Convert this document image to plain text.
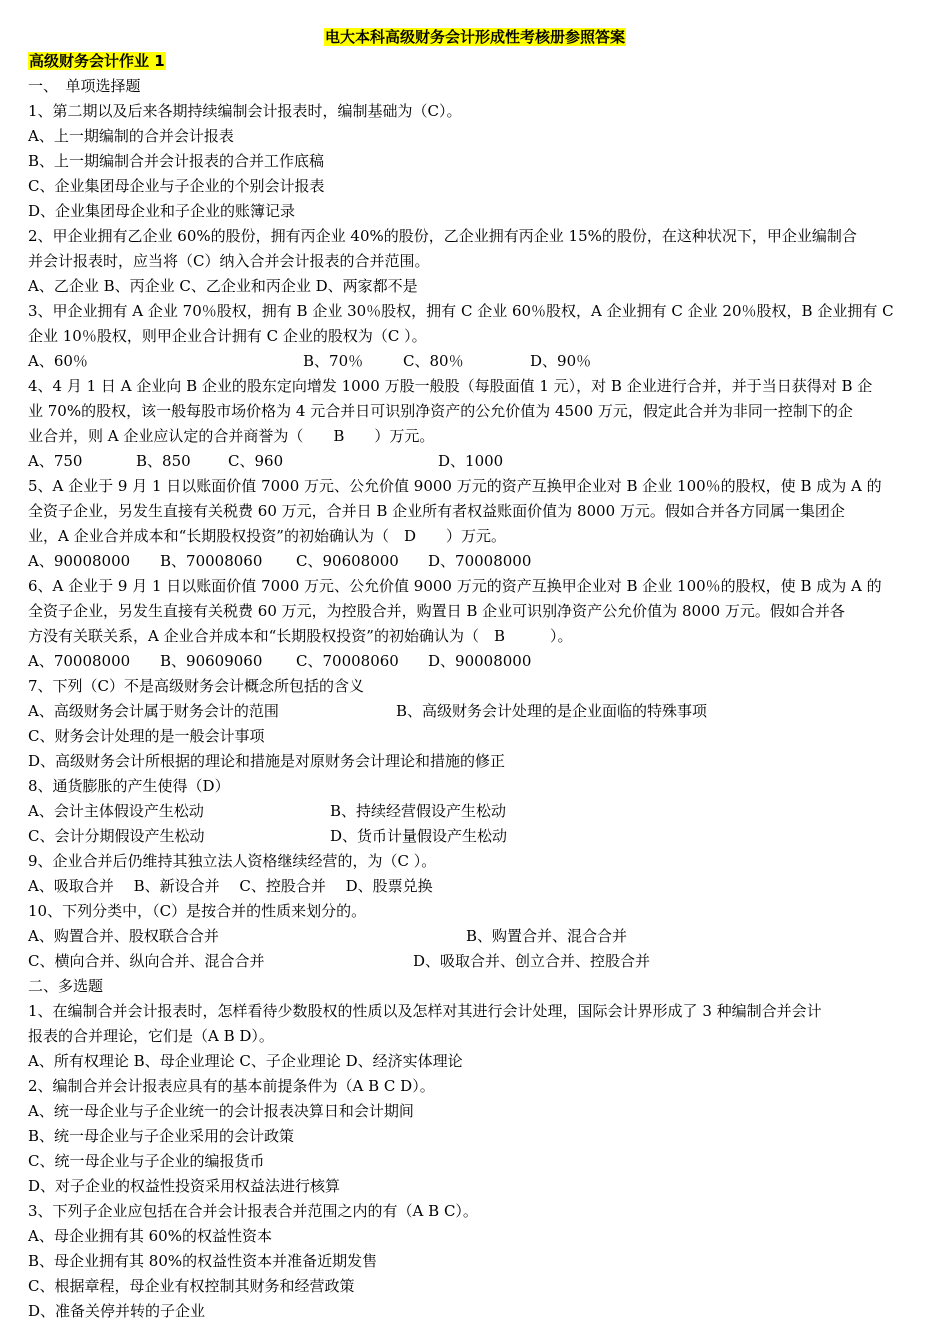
电大本科高级财务会计形成性考核册参照答案
高级财务会计作业 1
一、　单项选择题
1、第二期以及后来各期持续编制会计报表时，编制基础为（C）。
A、上一期编制的合并会计报表
B、上一期编制合并会计报表的合并工作底稿
C、企业集团母企业与子企业的个别会计报表
D、企业集团母企业和子企业的账簿记录
2、甲企业拥有乙企业 60%的股份，拥有丙企业 40%的股份，乙企业拥有丙企业 15%的股份，在这种状况下，甲企业编制合
并会计报表时，应当将（C）纳入合并会计报表的合并范围。
A、乙企业 B、丙企业 C、乙企业和丙企业 D、两家都不是
3、甲企业拥有 A 企业 70％股权，拥有 B 企业 30％股权，拥有 C 企业 60％股权，A 企业拥有 C 企业 20％股权，B 企业拥有 C
企业 10％股权，则甲企业合计拥有 C 企业的股权为（C ）。
A、60％	B、70％	C、80％	D、90％
4、4 月 1 日 A 企业向 B 企业的股东定向增发 1000 万股一般股（每股面值 1 元），对 B 企业进行合并，并于当日获得对 B 企
业 70%的股权，该一般每股市场价格为 4 元合并日可识别净资产的公允价值为 4500 万元，假定此合并为非同一控制下的企
业合并，则 A 企业应认定的合并商誉为（　　B　　）万元。
A、750	B、850 C、960	D、1000
5、A 企业于 9 月 1 日以账面价值 7000 万元、公允价值 9000 万元的资产互换甲企业对 B 企业 100％的股权，使 B 成为 A 的
全资子企业，另发生直接有关税费 60 万元，合并日 B 企业所有者权益账面价值为 8000 万元。假如合并各方同属一集团企
业，A 企业合并成本和“长期股权投资”的初始确认为（　D　　）万元。
A、90008000 B、70008060 C、90608000 D、70008000
6、A 企业于 9 月 1 日以账面价值 7000 万元、公允价值 9000 万元的资产互换甲企业对 B 企业 100％的股权，使 B 成为 A 的
全资子企业，另发生直接有关税费 60 万元，为控股合并，购置日 B 企业可识别净资产公允价值为 8000 万元。假如合并各
方没有关联关系，A 企业合并成本和“长期股权投资”的初始确认为（　B　　　）。
A、70008000 B、90609060 C、70008060 D、90008000
7、下列（C）不是高级财务会计概念所包括的含义
A、高级财务会计属于财务会计的范围	B、高级财务会计处理的是企业面临的特殊事项
C、财务会计处理的是一般会计事项
D、高级财务会计所根据的理论和措施是对原财务会计理论和措施的修正
8、通货膨胀的产生使得（D）
A、会计主体假设产生松动	B、持续经营假设产生松动
C、会计分期假设产生松动	D、货币计量假设产生松动
9、企业合并后仍维持其独立法人资格继续经营的，为（C ）。
A、吸取合并　 B、新设合并　 C、控股合并　 D、股票兑换
10、下列分类中，（C）是按合并的性质来划分的。
A、购置合并、股权联合合并	B、购置合并、混合合并
C、横向合并、纵向合并、混合合并	D、吸取合并、创立合并、控股合并
二、多选题
1、在编制合并会计报表时，怎样看待少数股权的性质以及怎样对其进行会计处理，国际会计界形成了 3 种编制合并会计
报表的合并理论，它们是（A B D）。
A、所有权理论 B、母企业理论 C、子企业理论 D、经济实体理论
2、编制合并会计报表应具有的基本前提条件为（A B C D）。
A、统一母企业与子企业统一的会计报表决算日和会计期间
B、统一母企业与子企业采用的会计政策
C、统一母企业与子企业的编报货币
D、对子企业的权益性投资采用权益法进行核算
3、下列子企业应包括在合并会计报表合并范围之内的有（A B C）。
A、母企业拥有其 60%的权益性资本
B、母企业拥有其 80%的权益性资本并准备近期发售
C、根据章程，母企业有权控制其财务和经营政策
D、准备关停并转的子企业
